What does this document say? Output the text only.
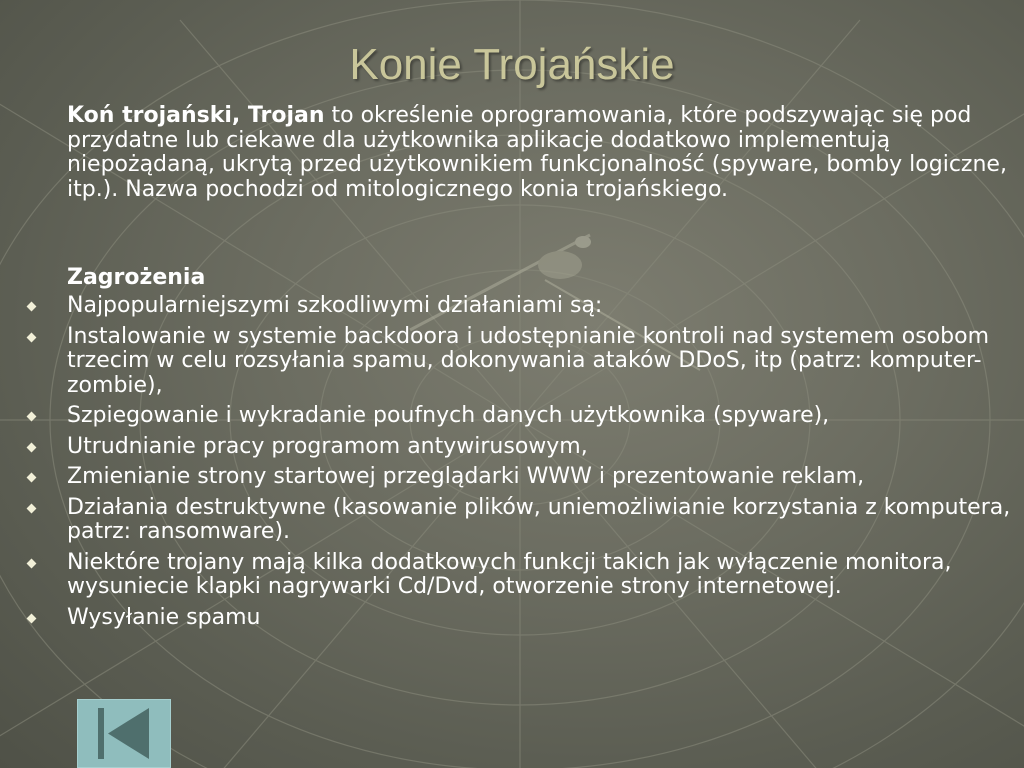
Konie Trojańskie
Koń trojański, Trojan to określenie oprogramowania, które podszywając się pod przydatne lub ciekawe dla użytkownika aplikacje dodatkowo implementują niepożądaną, ukrytą przed użytkownikiem funkcjonalność (spyware, bomby logiczne, itp.). Nazwa pochodzi od mitologicznego konia trojańskiego.
Zagrożenia
Najpopularniejszymi szkodliwymi działaniami są:
Instalowanie w systemie backdoora i udostępnianie kontroli nad systemem osobom trzecim w celu rozsyłania spamu, dokonywania ataków DDoS, itp (patrz: komputer-zombie),
Szpiegowanie i wykradanie poufnych danych użytkownika (spyware),
Utrudnianie pracy programom antywirusowym,
Zmienianie strony startowej przeglądarki WWW i prezentowanie reklam,
Działania destruktywne (kasowanie plików, uniemożliwianie korzystania z komputera, patrz: ransomware).
Niektóre trojany mają kilka dodatkowych funkcji takich jak wyłączenie monitora, wysuniecie klapki nagrywarki Cd/Dvd, otworzenie strony internetowej.
Wysyłanie spamu
